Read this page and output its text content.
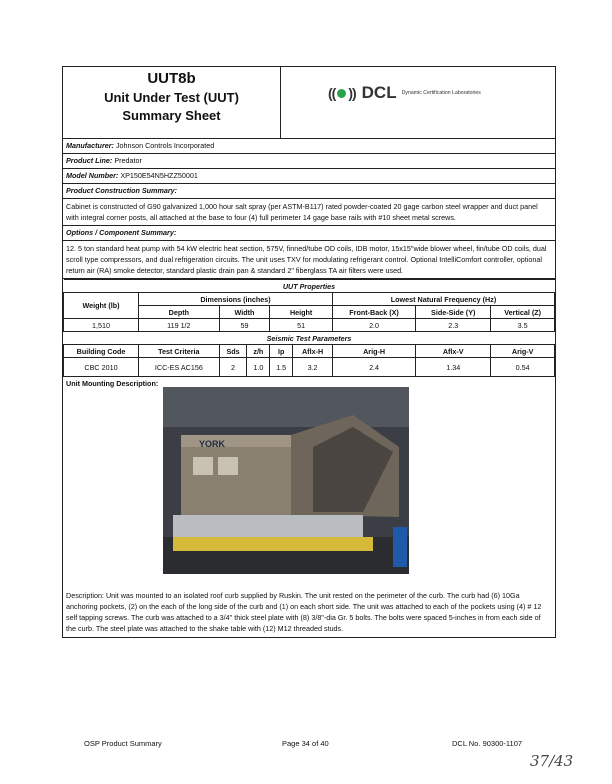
UUT8b
Unit Under Test (UUT)
Summary Sheet
(( )) DCL Dynamic Certification Laboratories
Manufacturer: Johnson Controls Incorporated
Product Line: Predator
Model Number: XP150E54N5HZZ50001
Product Construction Summary:
Cabinet is constructed of G90 galvanized 1,000 hour salt spray (per ASTM-B117) rated powder-coated 20 gage carbon steel wrapper and duct panel with integral corner posts, all attached at the base to four (4) full perimeter 14 gage base rails with #10 sheet metal screws.
Options / Component Summary:
12. 5 ton standard heat pump with 54 kW electric heat section, 575V, finned/tube OD coils, IDB motor, 15x15"wide blower wheel, fin/tube OD coils, dual scroll type compressors, and dual refrigeration circuits. The unit uses TXV for modulating refrigerant control. Optional IntelliComfort controller, optional return air (RA) smoke detector, standard plastic drain pan & standard 2" fiberglass TA air filters were used.
UUT Properties								
Weight (lb)	Dimensions (inches)					Lowest Natural Frequency (Hz)		
	Depth	Width		Height		Front-Back (X)	Side-Side (Y)	Vertical (Z)
1,510	119 1/2	59		51		2.0	2.3	3.5
Seismic Test Parameters								
Building Code	Test Criteria	Sds	z/h	Ip	Aflx-H	Arig-H	Aflx-V	Arig-V
CBC 2010	ICC-ES AC156	2	1.0	1.5	3.2	2.4	1.34	0.54
Unit Mounting Description:
YORK
Description: Unit was mounted to an isolated roof curb supplied by Ruskin. The unit rested on the perimeter of the curb. The curb had (6) 10Ga anchoring pockets, (2) on the each of the long side of the curb and (1) on each short side. The unit was attached to each of the pockets using (4) # 12 self tapping screws. The curb was attached to a 3/4" thick steel plate with (8) 3/8"-dia Gr. 5 bolts. The bolts were spaced 5-inches in from each side of the curb. The steel plate was attached to the shake table with (12) M12 threaded studs.
OSP Product Summary	Page 34 of 40	DCL No. 90300-1107
37/43
